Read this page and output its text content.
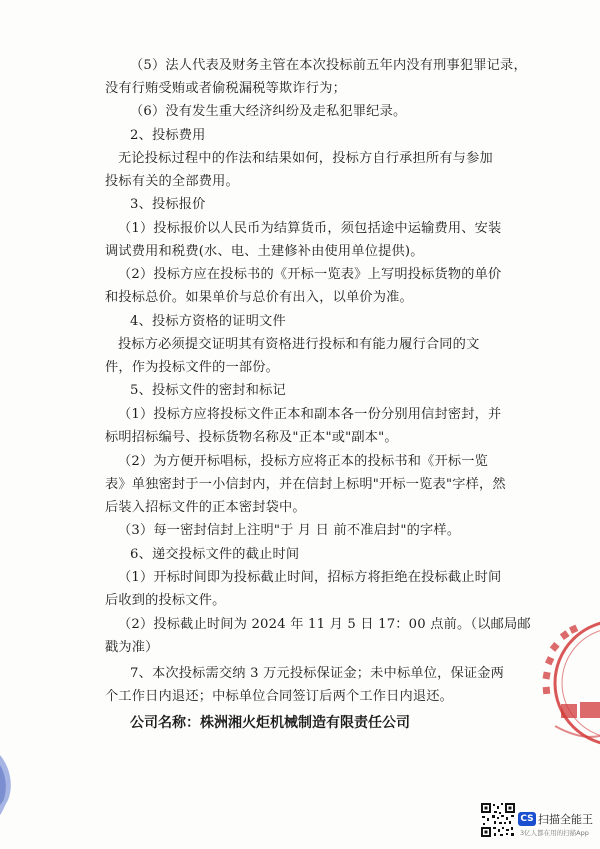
（5）法人代表及财务主管在本次投标前五年内没有刑事犯罪记录，
没有行贿受贿或者偷税漏税等欺诈行为；
（6）没有发生重大经济纠纷及走私犯罪纪录。
2、投标费用
无论投标过程中的作法和结果如何，投标方自行承担所有与参加
投标有关的全部费用。
3、投标报价
（1）投标报价以人民币为结算货币，须包括途中运输费用、安装
调试费用和税费(水、电、土建修补由使用单位提供)。
（2）投标方应在投标书的《开标一览表》上写明投标货物的单价
和投标总价。如果单价与总价有出入，以单价为准。
4、投标方资格的证明文件
投标方必须提交证明其有资格进行投标和有能力履行合同的文
件，作为投标文件的一部份。
5、投标文件的密封和标记
（1）投标方应将投标文件正本和副本各一份分别用信封密封，并
标明招标编号、投标货物名称及"正本"或"副本"。
（2）为方便开标唱标，投标方应将正本的投标书和《开标一览
表》单独密封于一小信封内，并在信封上标明"开标一览表"字样，然
后装入招标文件的正本密封袋中。
（3）每一密封信封上注明"于 月 日 前不准启封"的字样。
6、递交投标文件的截止时间
（1）开标时间即为投标截止时间，招标方将拒绝在投标截止时间
后收到的投标文件。
（2）投标截止时间为 2024 年 11 月 5 日 17：00 点前。（以邮局邮
戳为准）
7、本次投标需交纳 3 万元投标保证金；未中标单位，保证金两
个工作日内退还；中标单位合同签订后两个工作日内退还。
公司名称：株洲湘火炬机械制造有限责任公司
CS 扫描全能王
3亿人都在用的扫描App
